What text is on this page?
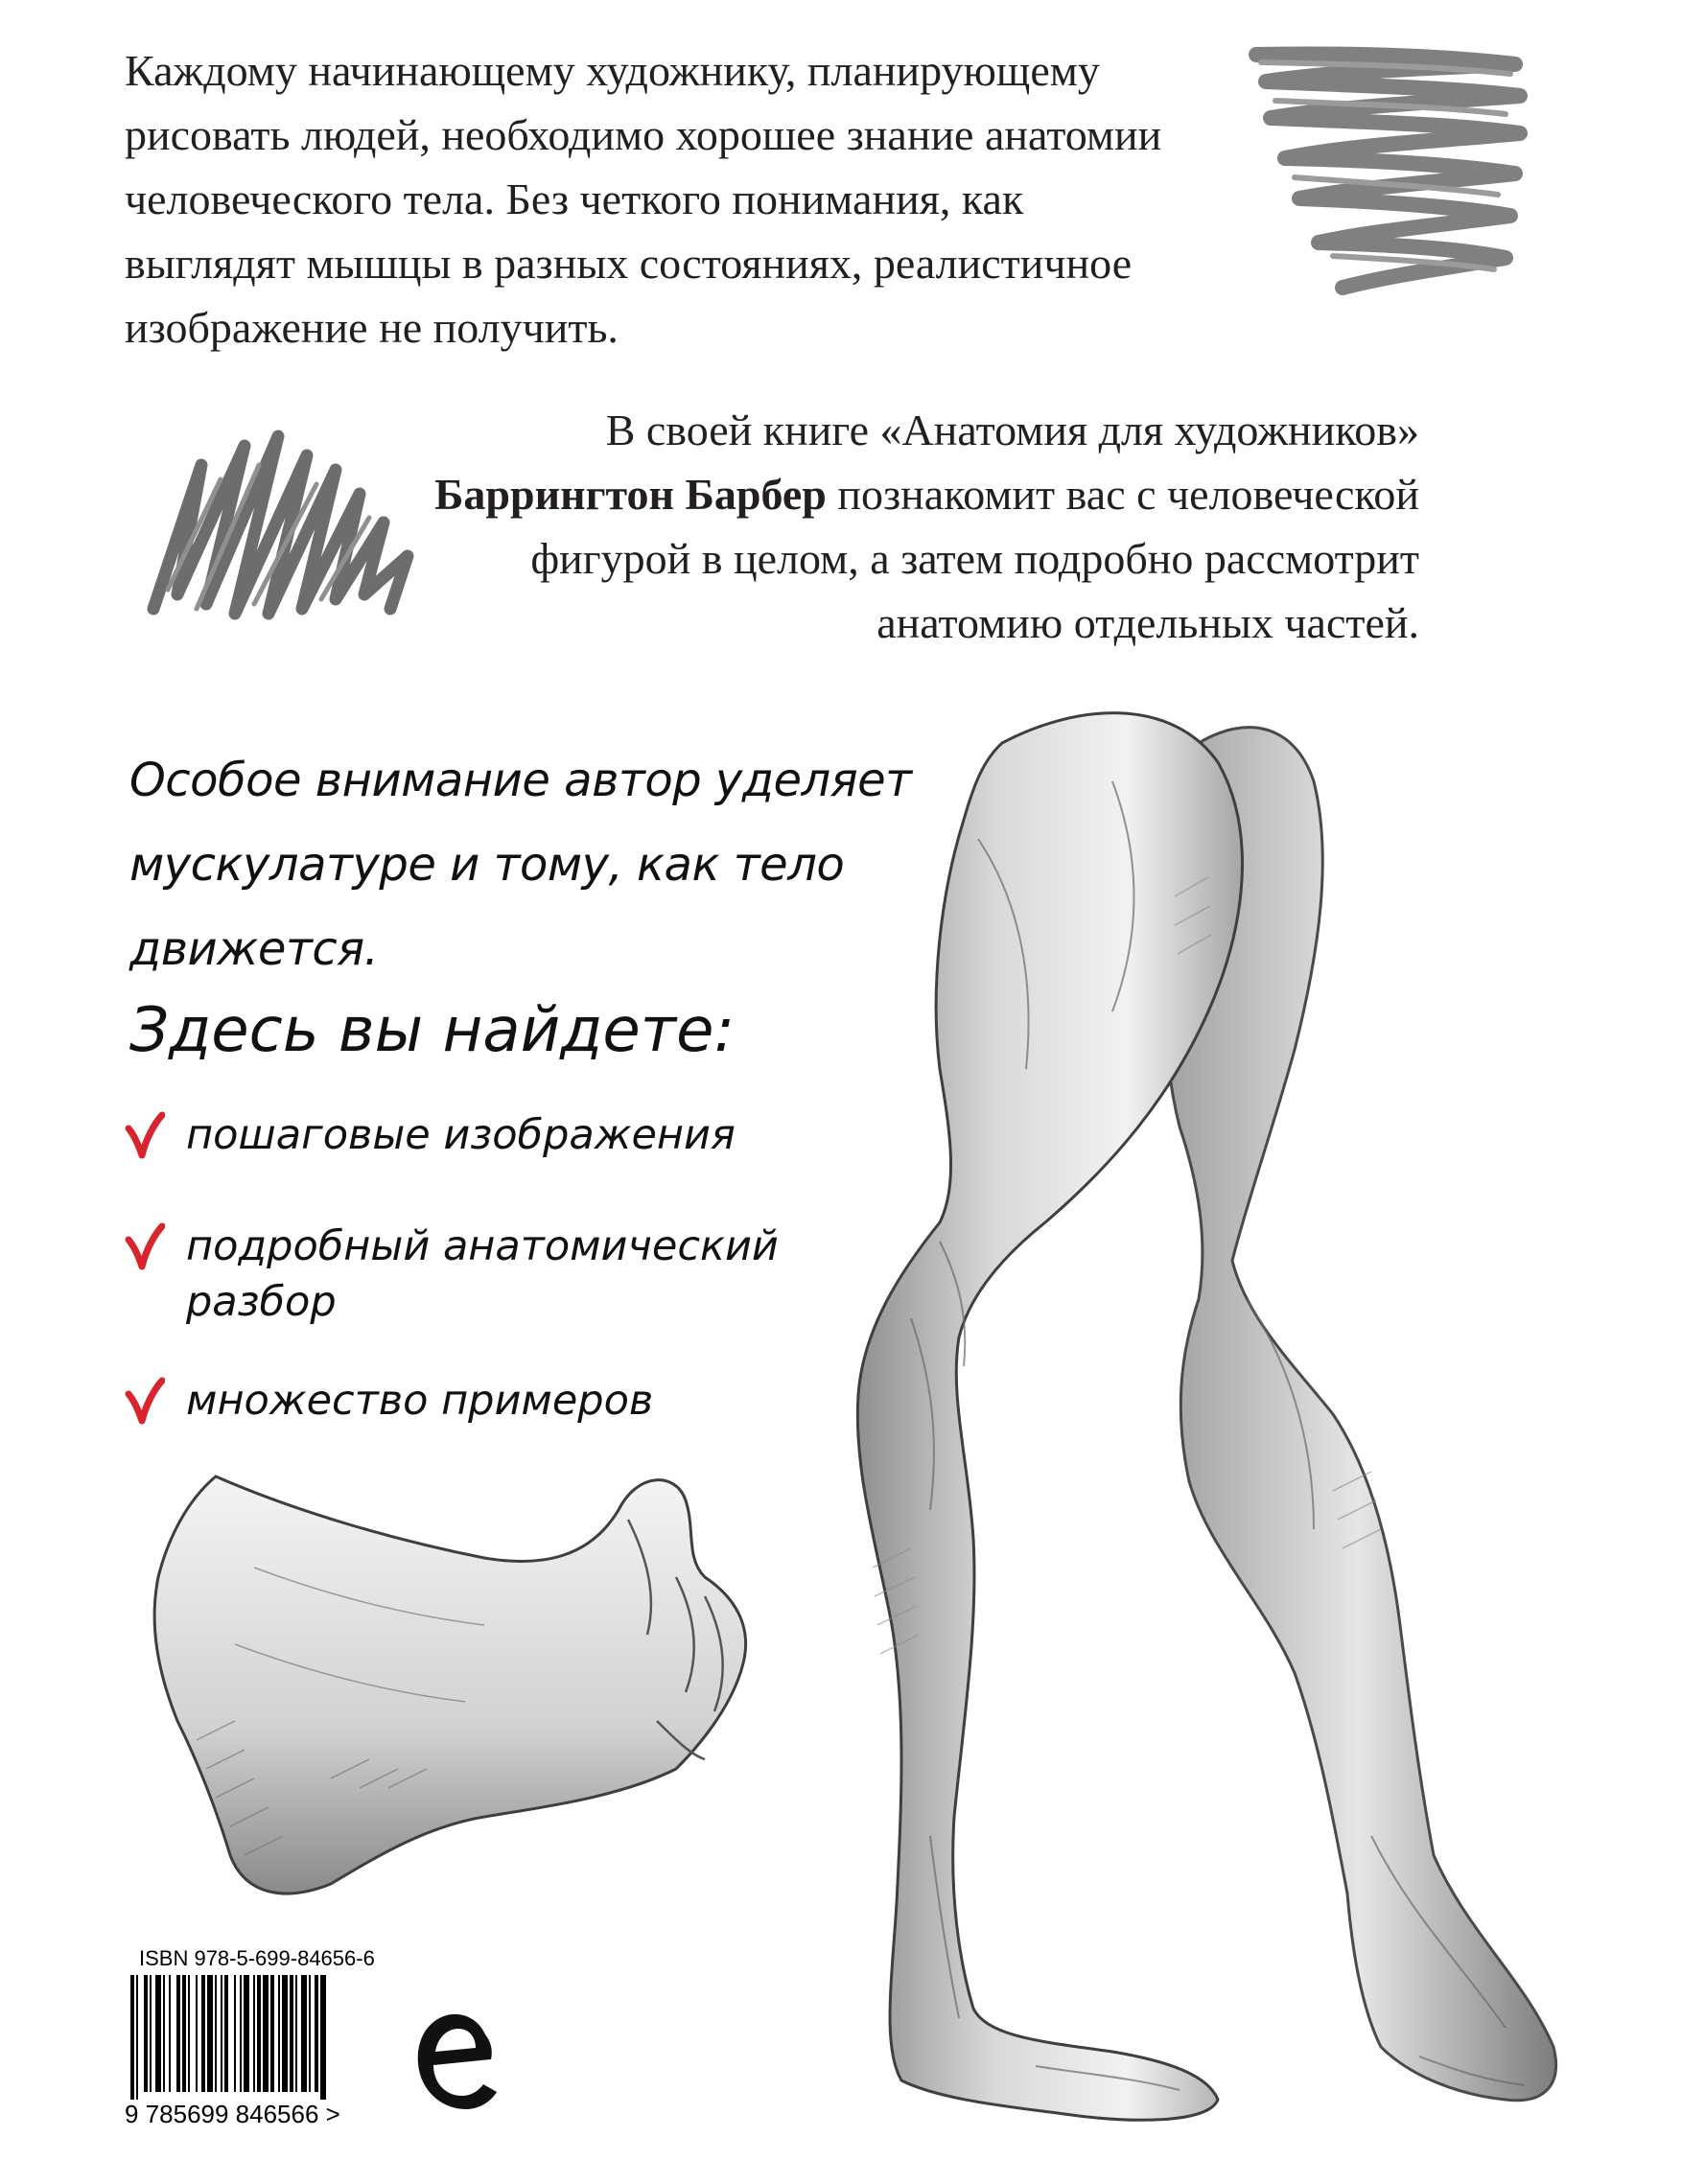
Каждому начинающему художнику, планирующему
рисовать людей, необходимо хорошее знание анатомии
человеческого тела. Без четкого понимания, как
выглядят мышцы в разных состояниях, реалистичное
изображение не получить.

В своей книге «Анатомия для художников»
Баррингтон Барбер познакомит вас с человеческой
фигурой в целом, а затем подробно рассмотрит
анатомию отдельных частей.

Особое внимание автор уделяет
мускулатуре и тому, как тело
движется.

Здесь вы найдете:
пошаговые изображения
подробный анатомический
разбор
множество примеров
ISBN 978-5-699-84656-6
9 785699 846566 >
